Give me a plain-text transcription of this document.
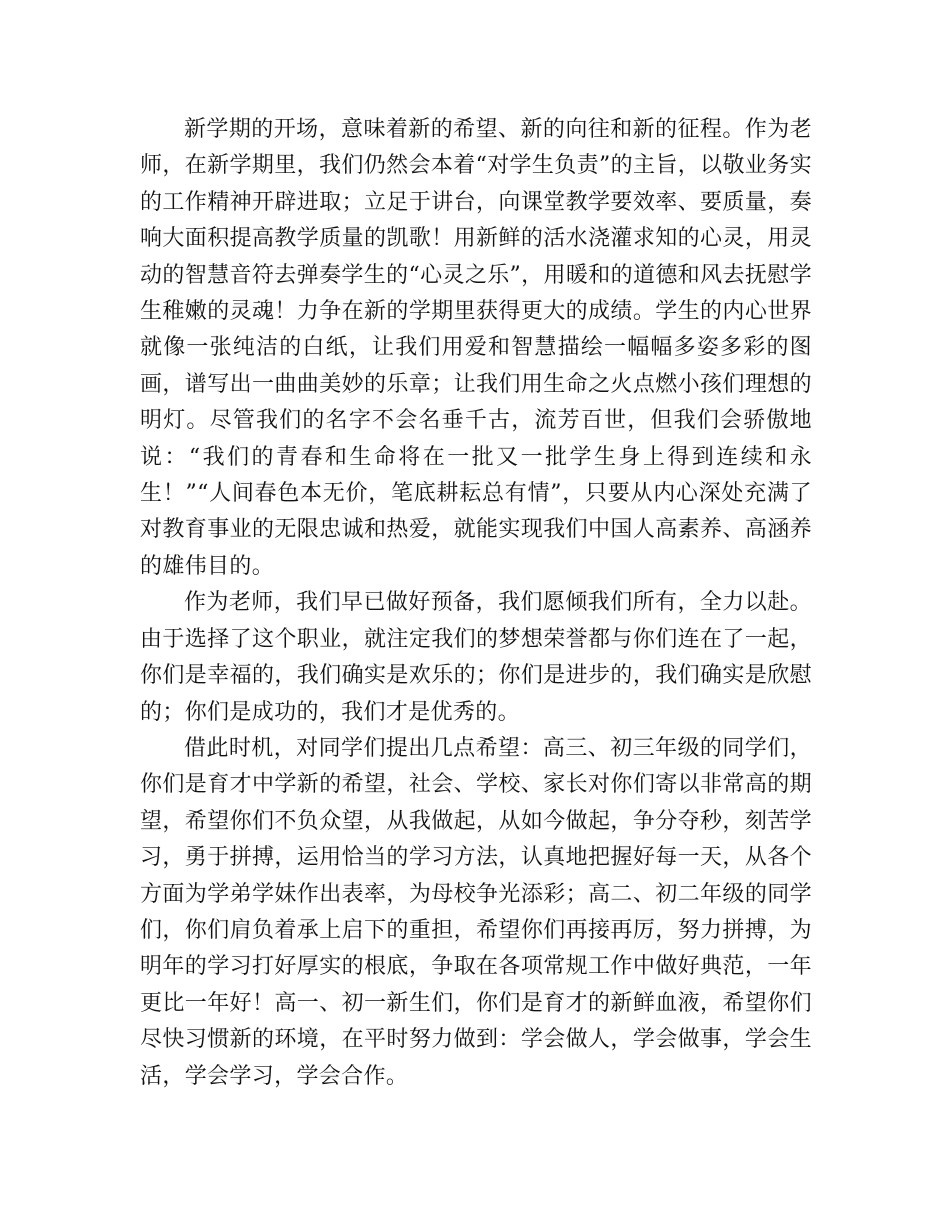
新学期的开场，意味着新的希望、新的向往和新的征程。作为老师，在新学期里，我们仍然会本着“对学生负责”的主旨，以敬业务实的工作精神开辟进取；立足于讲台，向课堂教学要效率、要质量，奏响大面积提高教学质量的凯歌！用新鲜的活水浇灌求知的心灵，用灵动的智慧音符去弹奏学生的“心灵之乐”，用暖和的道德和风去抚慰学生稚嫩的灵魂！力争在新的学期里获得更大的成绩。学生的内心世界就像一张纯洁的白纸，让我们用爱和智慧描绘一幅幅多姿多彩的图画，谱写出一曲曲美妙的乐章；让我们用生命之火点燃小孩们理想的明灯。尽管我们的名字不会名垂千古，流芳百世，但我们会骄傲地说：“我们的青春和生命将在一批又一批学生身上得到连续和永生！”“人间春色本无价，笔底耕耘总有情”，只要从内心深处充满了对教育事业的无限忠诚和热爱，就能实现我们中国人高素养、高涵养的雄伟目的。

作为老师，我们早已做好预备，我们愿倾我们所有，全力以赴。由于选择了这个职业，就注定我们的梦想荣誉都与你们连在了一起，你们是幸福的，我们确实是欢乐的；你们是进步的，我们确实是欣慰的；你们是成功的，我们才是优秀的。

借此时机，对同学们提出几点希望：高三、初三年级的同学们，你们是育才中学新的希望，社会、学校、家长对你们寄以非常高的期望，希望你们不负众望，从我做起，从如今做起，争分夺秒，刻苦学习，勇于拼搏，运用恰当的学习方法，认真地把握好每一天，从各个方面为学弟学妹作出表率，为母校争光添彩；高二、初二年级的同学们，你们肩负着承上启下的重担，希望你们再接再厉，努力拼搏，为明年的学习打好厚实的根底，争取在各项常规工作中做好典范，一年更比一年好！高一、初一新生们，你们是育才的新鲜血液，希望你们尽快习惯新的环境，在平时努力做到：学会做人，学会做事，学会生活，学会学习，学会合作。
